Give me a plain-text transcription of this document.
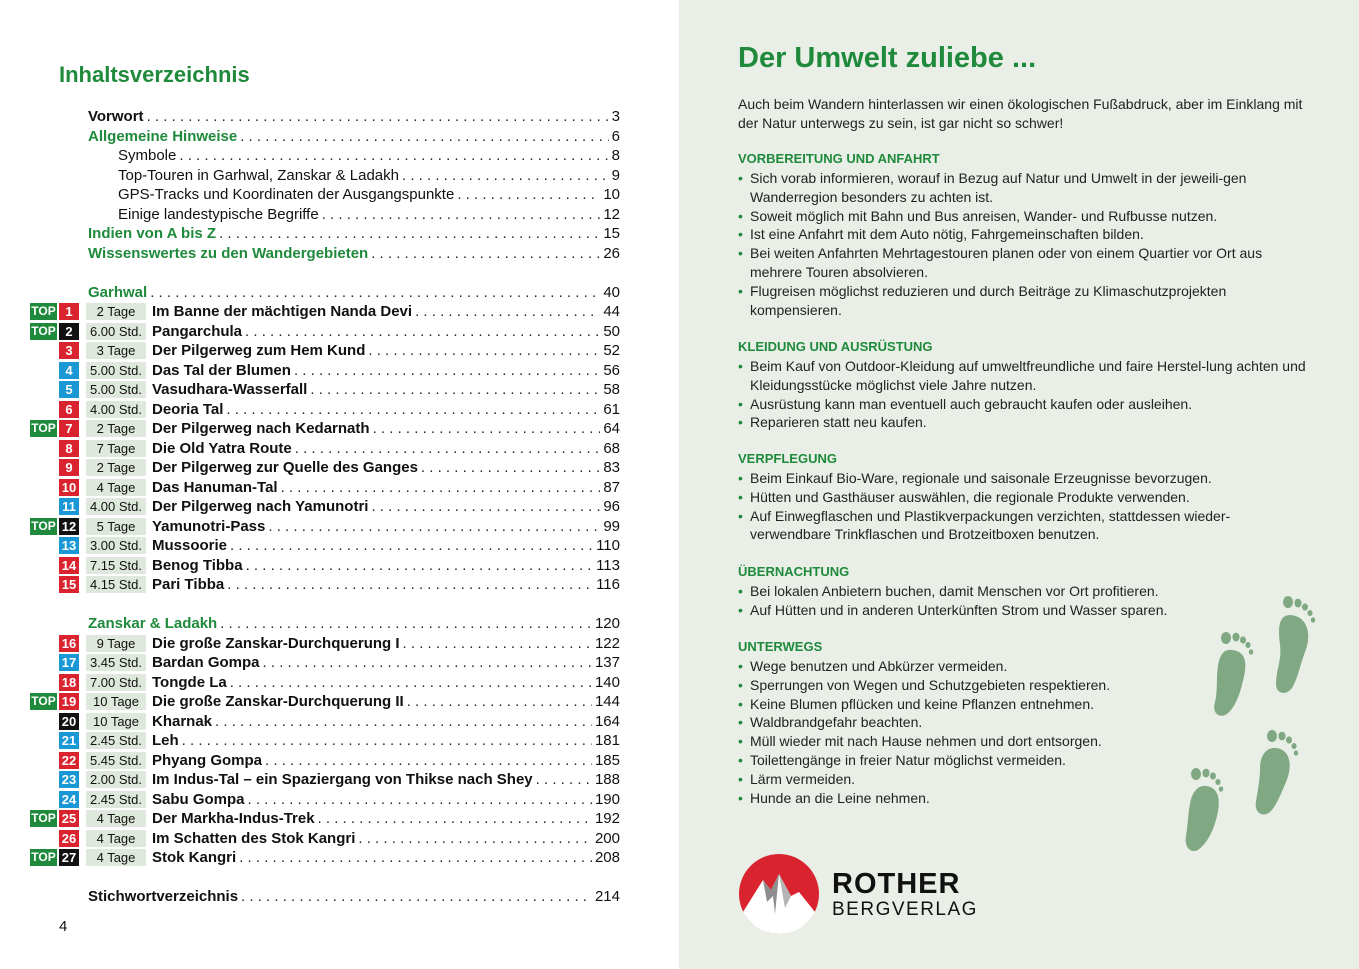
Inhaltsverzeichnis
Vorwort . . .	3
Allgemeine Hinweise . . .	6
Symbole . . .	8
Top-Touren in Garhwal, Zanskar & Ladakh . . .	9
GPS-Tracks und Koordinaten der Ausgangspunkte . . .	10
Einige landestypische Begriffe . . .	12
Indien von A bis Z . . .	15
Wissenswertes zu den Wandergebieten . . .	26
Garhwal . . .	40
TOP 1	2 Tage	Im Banne der mächtigen Nanda Devi . . .	44
TOP 2	6.00 Std. Pangarchula . . .	50
3	3 Tage	Der Pilgerweg zum Hem Kund . . .	52
4	5.00 Std. Das Tal der Blumen . . .	56
5	5.00 Std. Vasudhara-Wasserfall . . .	58
6	4.00 Std. Deoria Tal . . .	61
TOP 7	2 Tage	Der Pilgerweg nach Kedarnath . . .	64
8	7 Tage	Die Old Yatra Route . . .	68
9	2 Tage	Der Pilgerweg zur Quelle des Ganges . . .	83
10	4 Tage	Das Hanuman-Tal . . .	87
11	4.00 Std. Der Pilgerweg nach Yamunotri . . .	96
TOP 12	5 Tage	Yamunotri-Pass . . .	99
13	3.00 Std. Mussoorie . . .	110
14	7.15 Std. Benog Tibba . . .	113
15	4.15 Std. Pari Tibba . . .	116
Zanskar & Ladakh . . .	120
16	9 Tage	Die große Zanskar-Durchquerung I . . .	122
17	3.45 Std. Bardan Gompa . . .	137
18	7.00 Std. Tongde La . . .	140
TOP 19	10 Tage Die große Zanskar-Durchquerung II . . .	144
20	10 Tage Kharnak . . .	164
21	2.45 Std. Leh . . .	181
22	5.45 Std. Phyang Gompa . . .	185
23	2.00 Std. Im Indus-Tal – ein Spaziergang von Thikse nach Shey . . .	188
24	2.45 Std. Sabu Gompa . . .	190
TOP 25	4 Tage	Der Markha-Indus-Trek . . .	192
26	4 Tage	Im Schatten des Stok Kangri . . .	200
TOP 27	4 Tage	Stok Kangri . . .	208
Stichwortverzeichnis . . .	214
4
Der Umwelt zuliebe ...

Auch beim Wandern hinterlassen wir einen ökologischen Fußabdruck, aber im Einklang mit der Natur unterwegs zu sein, ist gar nicht so schwer!

VORBEREITUNG UND ANFAHRT
• Sich vorab informieren, worauf in Bezug auf Natur und Umwelt in der jeweili-gen Wanderregion besonders zu achten ist.
• Soweit möglich mit Bahn und Bus anreisen, Wander- und Rufbusse nutzen.
• Ist eine Anfahrt mit dem Auto nötig, Fahrgemeinschaften bilden.
• Bei weiten Anfahrten Mehrtagestouren planen oder von einem Quartier vor Ort aus mehrere Touren absolvieren.
• Flugreisen möglichst reduzieren und durch Beiträge zu Klimaschutzprojekten kompensieren.
KLEIDUNG UND AUSRÜSTUNG
• Beim Kauf von Outdoor-Kleidung auf umweltfreundliche und faire Herstel-lung achten und Kleidungsstücke möglichst viele Jahre nutzen.
• Ausrüstung kann man eventuell auch gebraucht kaufen oder ausleihen.
• Reparieren statt neu kaufen.
VERPFLEGUNG
• Beim Einkauf Bio-Ware, regionale und saisonale Erzeugnisse bevorzugen.
• Hütten und Gasthäuser auswählen, die regionale Produkte verwenden.
• Auf Einwegflaschen und Plastikverpackungen verzichten, stattdessen wieder-verwendbare Trinkflaschen und Brotzeitboxen benutzen.
ÜBERNACHTUNG
• Bei lokalen Anbietern buchen, damit Menschen vor Ort profitieren.
• Auf Hütten und in anderen Unterkünften Strom und Wasser sparen.
UNTERWEGS
• Wege benutzen und Abkürzer vermeiden.
• Sperrungen von Wegen und Schutzgebieten respektieren.
• Keine Blumen pflücken und keine Pflanzen entnehmen.
• Waldbrandgefahr beachten.
• Müll wieder mit nach Hause nehmen und dort entsorgen.
• Toilettengänge in freier Natur möglichst vermeiden.
• Lärm vermeiden.
• Hunde an die Leine nehmen.
ROTHER
BERGVERLAG
